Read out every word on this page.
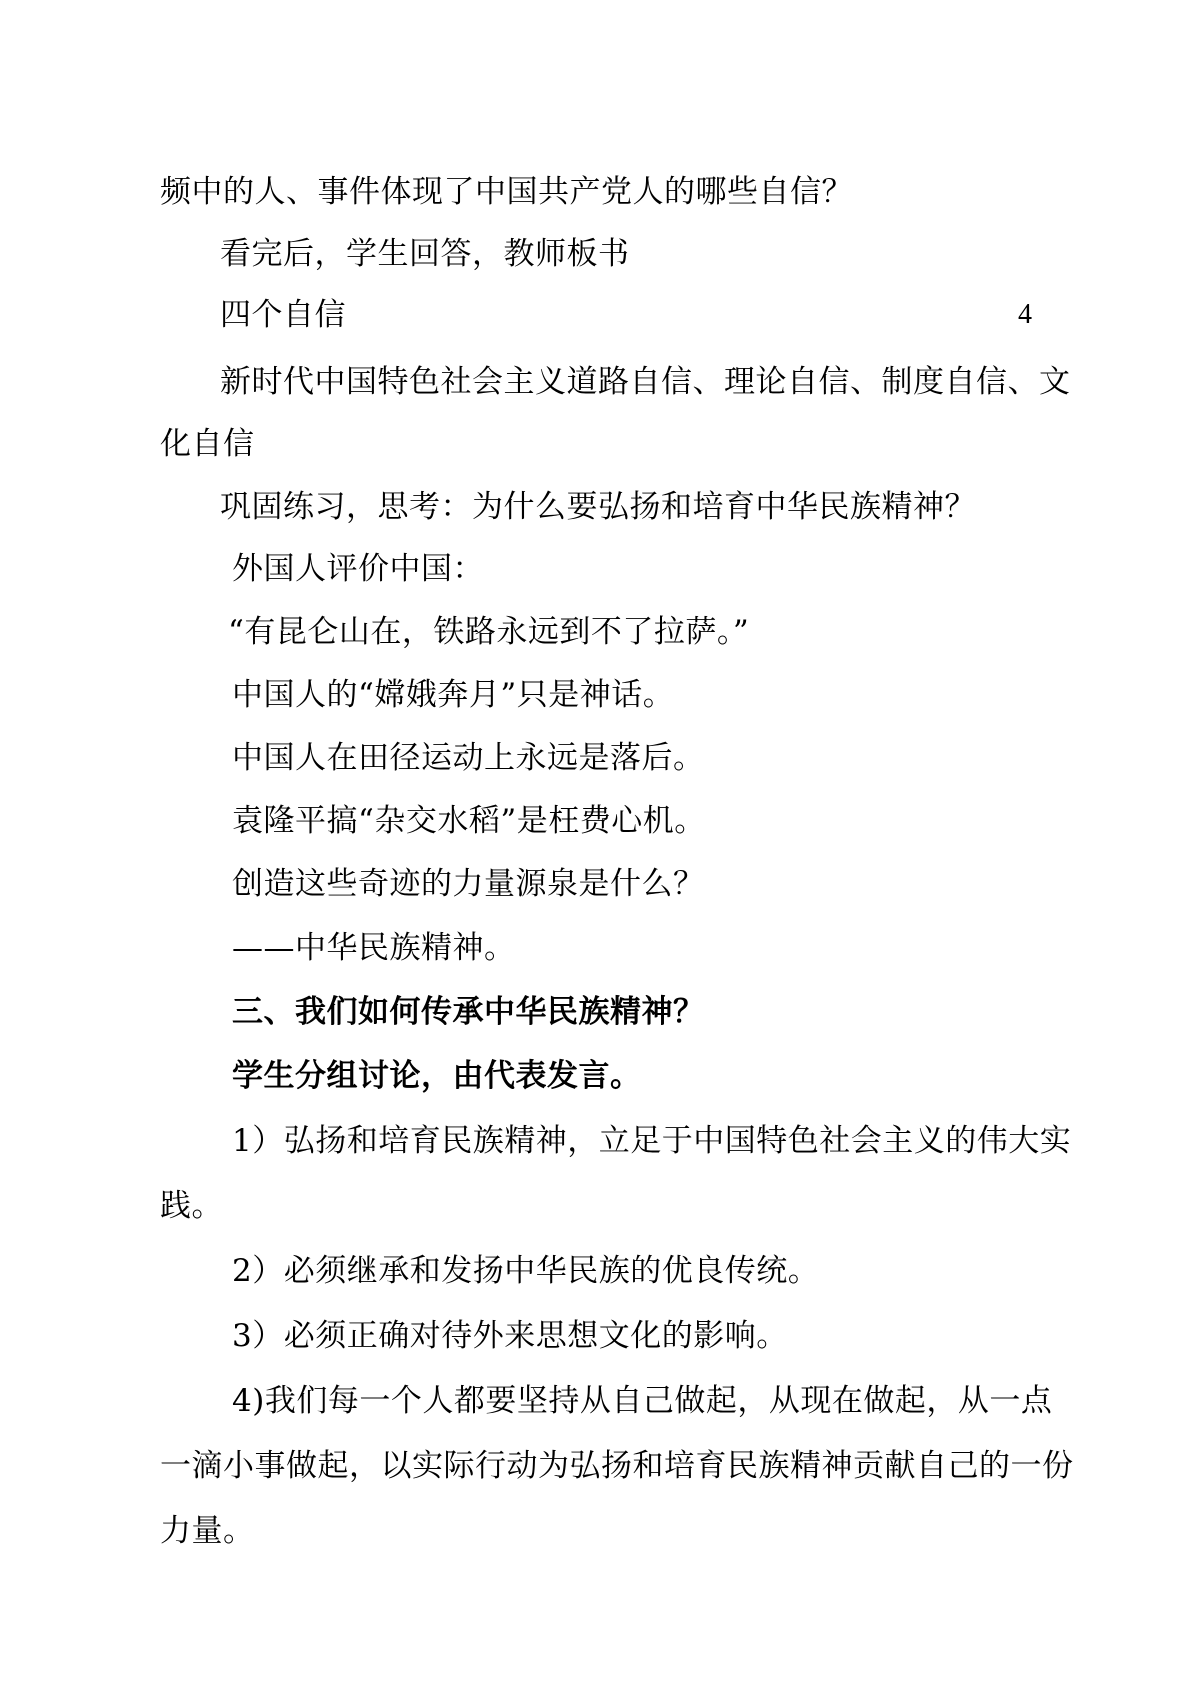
频中的人、事件体现了中国共产党人的哪些自信？
看完后，学生回答，教师板书
四个自信	4
新时代中国特色社会主义道路自信、理论自信、制度自信、文
化自信
巩固练习，思考：为什么要弘扬和培育中华民族精神？
外国人评价中国：
“有昆仑山在，铁路永远到不了拉萨。”
中国人的“嫦娥奔月”只是神话。
中国人在田径运动上永远是落后。
袁隆平搞“杂交水稻”是枉费心机。
创造这些奇迹的力量源泉是什么？
——中华民族精神。
三、我们如何传承中华民族精神？
学生分组讨论，由代表发言。
1）弘扬和培育民族精神，立足于中国特色社会主义的伟大实
践。
2）必须继承和发扬中华民族的优良传统。
3）必须正确对待外来思想文化的影响。
4)我们每一个人都要坚持从自己做起，从现在做起，从一点
一滴小事做起，以实际行动为弘扬和培育民族精神贡献自己的一份
力量。
